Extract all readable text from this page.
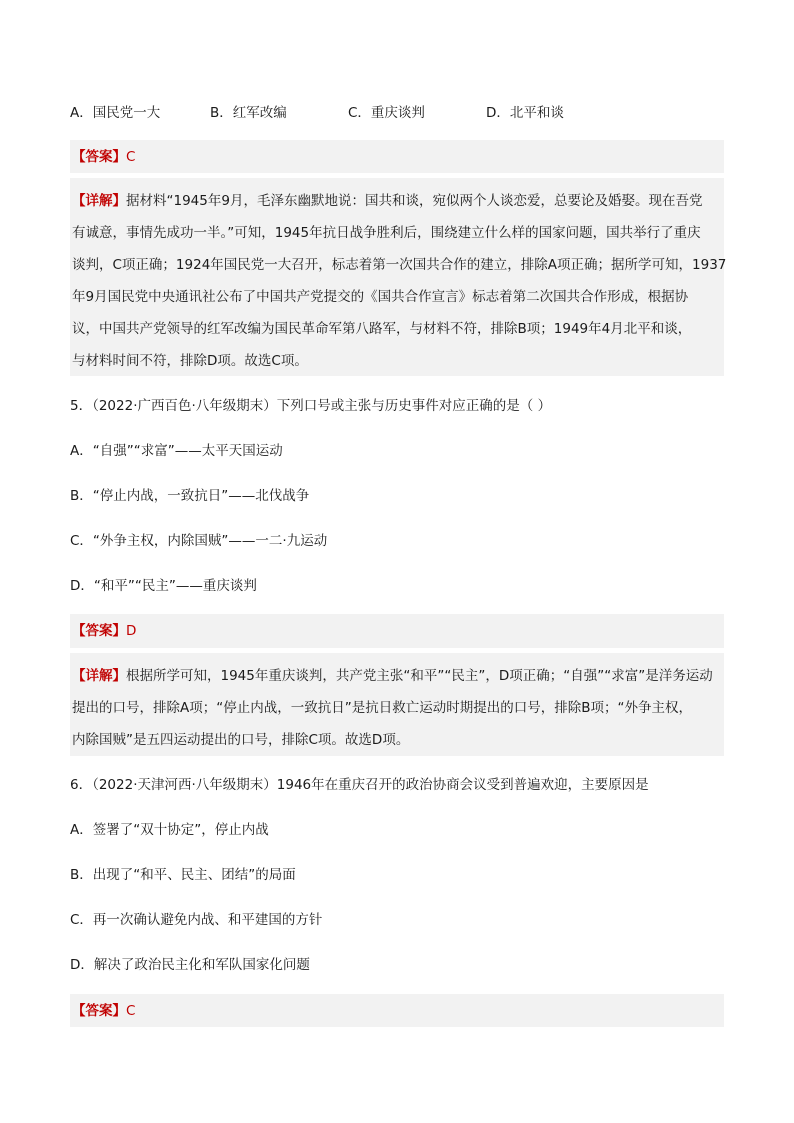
A．国民党一大	B．红军改编	C．重庆谈判	D．北平和谈
【答案】C
【详解】据材料“1945年9月，毛泽东幽默地说：国共和谈，宛似两个人谈恋爱，总要论及婚娶。现在吾党
有诚意，事情先成功一半。”可知，1945年抗日战争胜利后，围绕建立什么样的国家问题，国共举行了重庆
谈判，C项正确；1924年国民党一大召开，标志着第一次国共合作的建立，排除A项正确；据所学可知，1937
年9月国民党中央通讯社公布了中国共产党提交的《国共合作宣言》标志着第二次国共合作形成，根据协
议，中国共产党领导的红军改编为国民革命军第八路军，与材料不符，排除B项；1949年4月北平和谈，
与材料时间不符，排除D项。故选C项。
5．（2022·广西百色·八年级期末）下列口号或主张与历史事件对应正确的是（ ）
A．“自强”“求富”——太平天国运动
B．“停止内战，一致抗日”——北伐战争
C．“外争主权，内除国贼”——一二·九运动
D．“和平”“民主”——重庆谈判
【答案】D
【详解】根据所学可知，1945年重庆谈判，共产党主张“和平”“民主”，D项正确；“自强”“求富”是洋务运动
提出的口号，排除A项；“停止内战，一致抗日”是抗日救亡运动时期提出的口号，排除B项；“外争主权，
内除国贼”是五四运动提出的口号，排除C项。故选D项。
6．（2022·天津河西·八年级期末）1946年在重庆召开的政治协商会议受到普遍欢迎，主要原因是
A．签署了“双十协定”，停止内战
B．出现了“和平、民主、团结”的局面
C．再一次确认避免内战、和平建国的方针
D．解决了政治民主化和军队国家化问题
【答案】C
